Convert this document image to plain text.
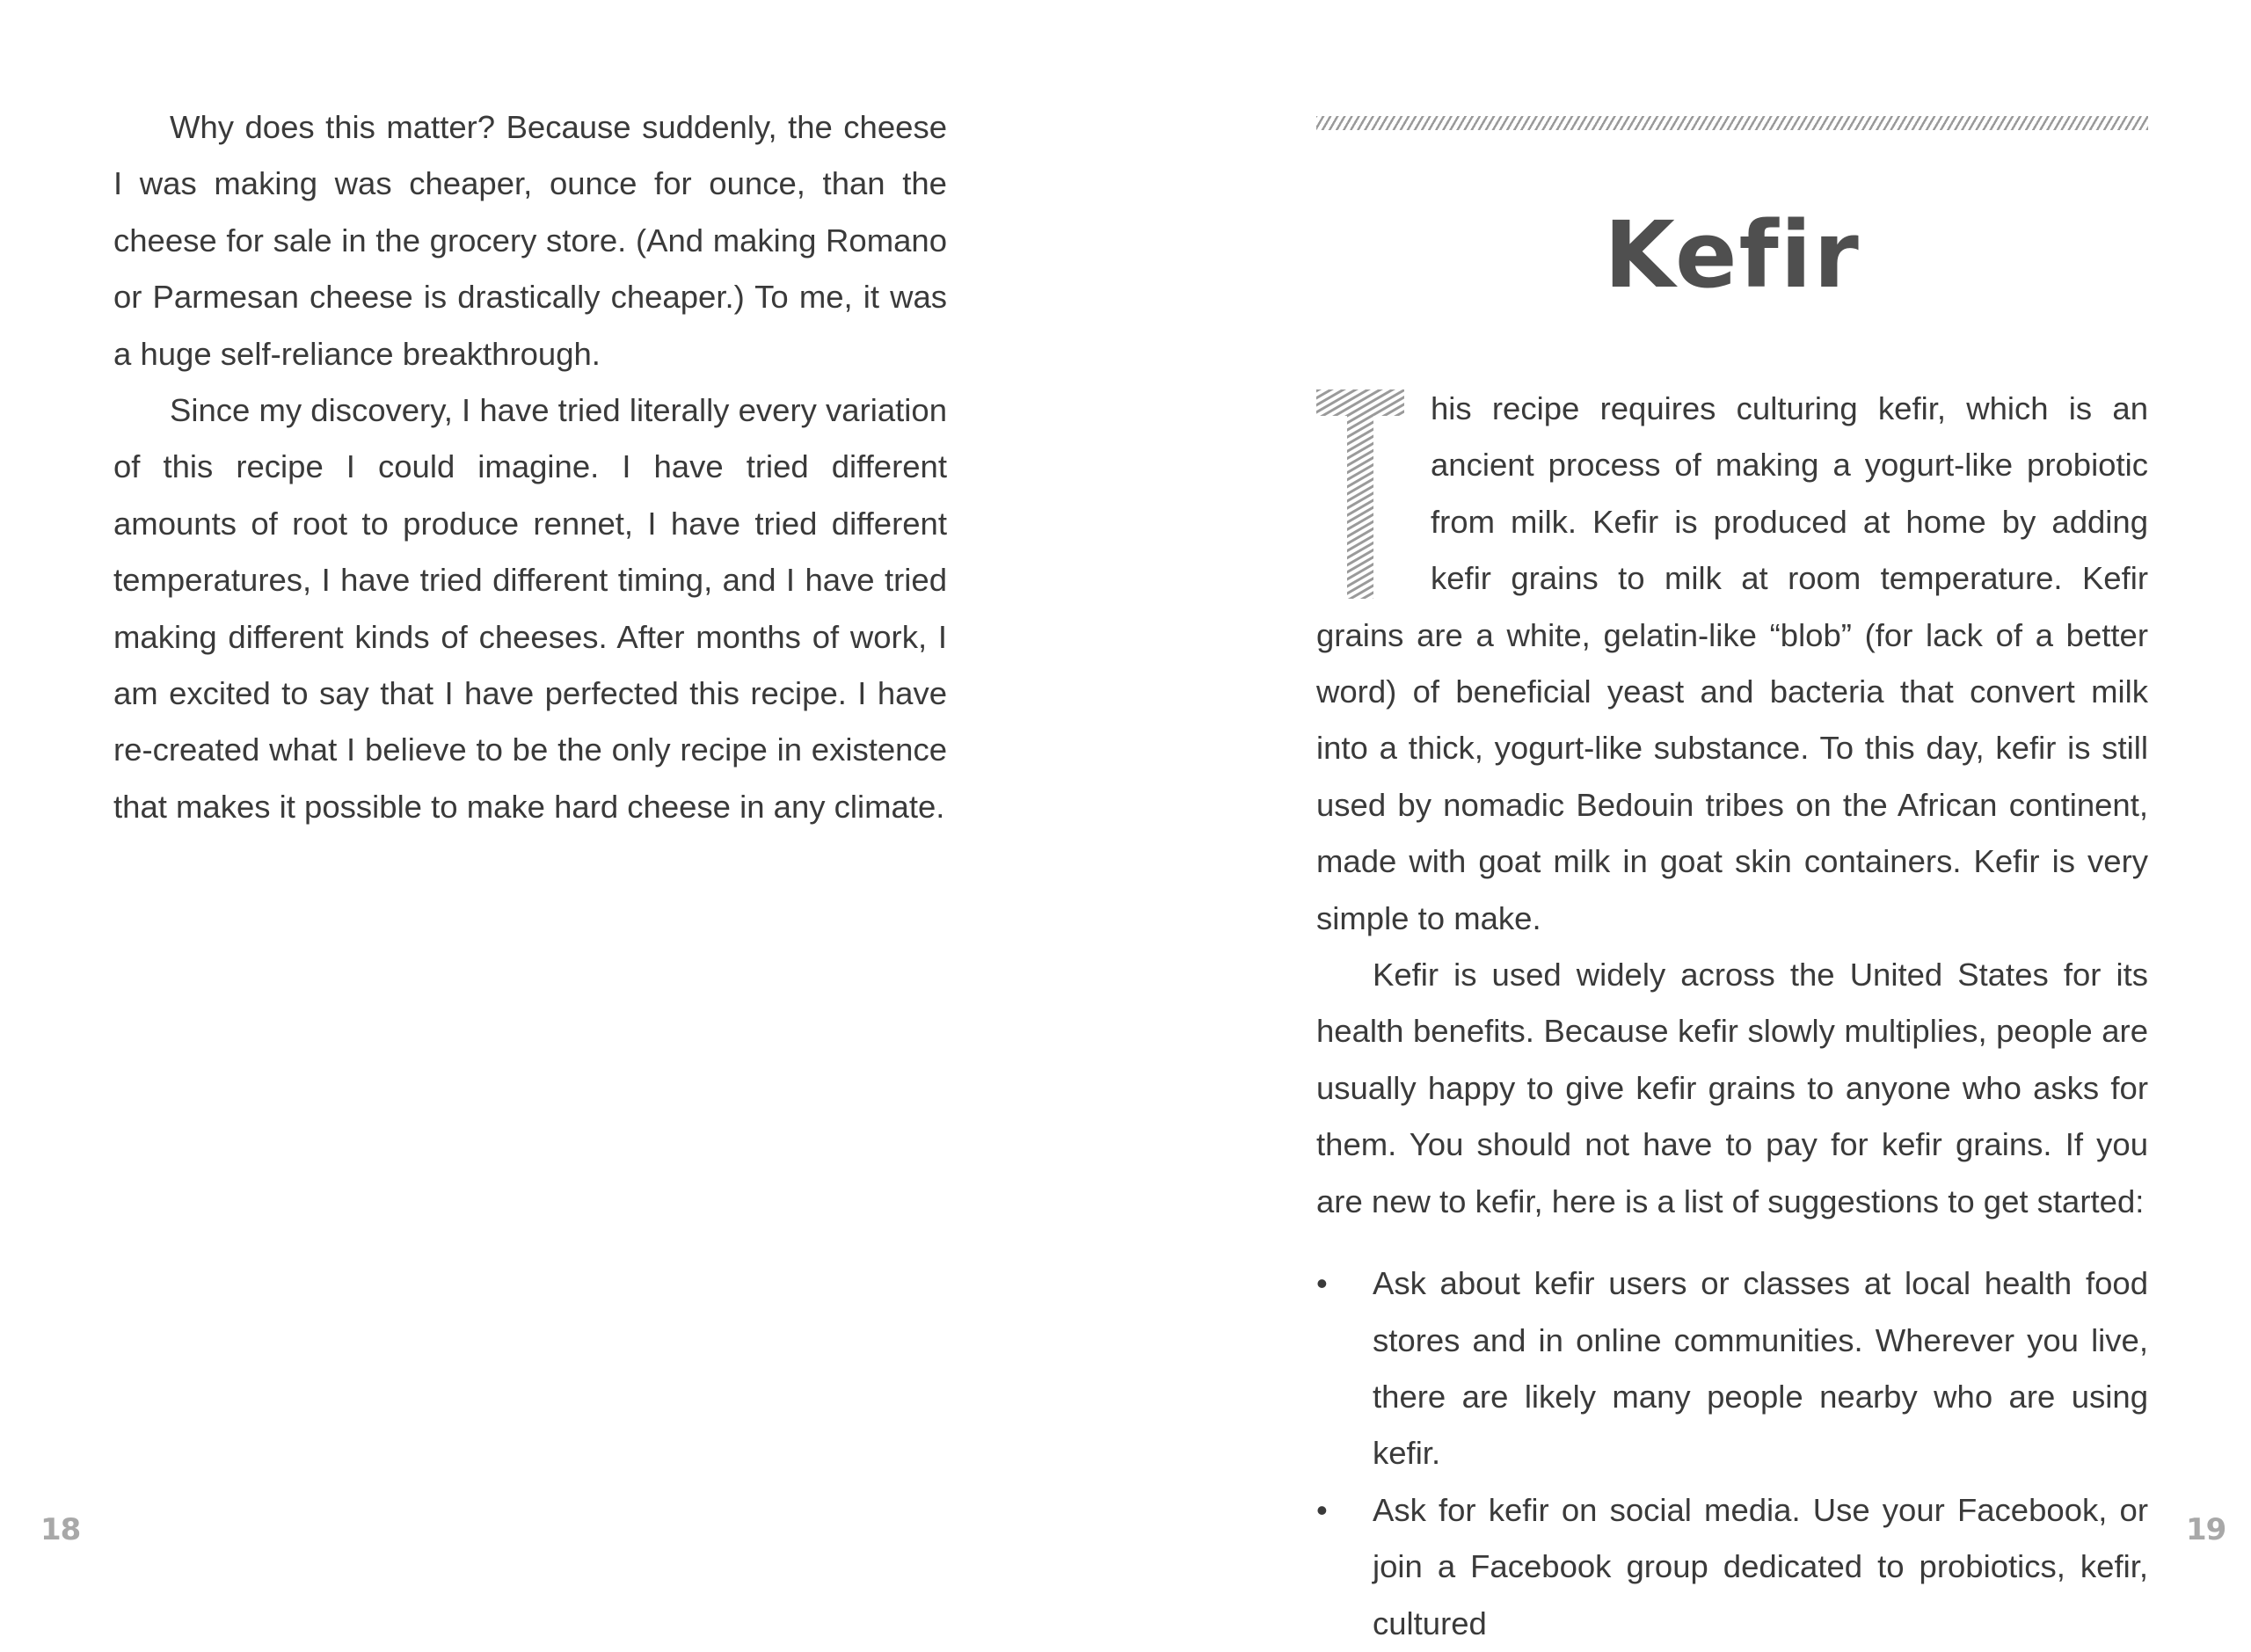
Why does this matter? Because suddenly, the cheese I was making was cheaper, ounce for ounce, than the cheese for sale in the grocery store. (And making Romano or Parmesan cheese is drastically cheaper.) To me, it was a huge self-reliance breakthrough.

Since my discovery, I have tried literally every variation of this recipe I could imagine. I have tried different amounts of root to produce rennet, I have tried different temperatures, I have tried different timing, and I have tried making different kinds of cheeses. After months of work, I am excited to say that I have perfected this recipe. I have re-created what I believe to be the only recipe in existence that makes it possible to make hard cheese in any climate.

18
Kefir

his recipe requires culturing kefir, which is an ancient process of making a yogurt-like probiotic from milk. Kefir is produced at home by adding kefir grains to milk at room temperature. Kefir grains are a white, gelatin-like “blob” (for lack of a better word) of beneficial yeast and bacteria that convert milk into a thick, yogurt-like substance. To this day, kefir is still used by nomadic Bedouin tribes on the African continent, made with goat milk in goat skin containers. Kefir is very simple to make.

Kefir is used widely across the United States for its health benefits. Because kefir slowly multiplies, people are usually happy to give kefir grains to anyone who asks for them. You should not have to pay for kefir grains. If you are new to kefir, here is a list of suggestions to get started:

• Ask about kefir users or classes at local health food stores and in online communities. Wherever you live, there are likely many people nearby who are using kefir.
• Ask for kefir on social media. Use your Facebook, or join a Facebook group dedicated to probiotics, kefir, cultured
19
